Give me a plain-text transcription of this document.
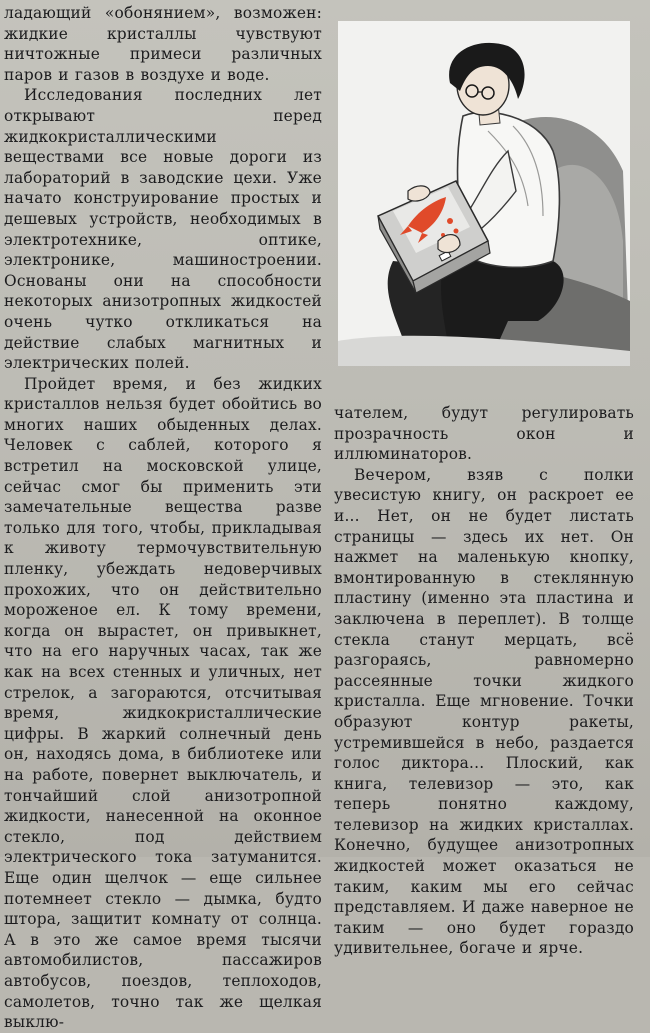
ладающий «обонянием», возможен: жидкие кристаллы чувствуют ничтожные примеси различных паров и газов в воздухе и воде.

Исследования последних лет открывают перед жидкокристаллическими веществами все новые дороги из лабораторий в заводские цехи. Уже начато конструирование простых и дешевых устройств, необходимых в электротехнике, оптике, электронике, машиностроении. Основаны они на способности некоторых анизотропных жидкостей очень чутко откликаться на действие слабых магнитных и электрических полей.

Пройдет время, и без жидких кристаллов нельзя будет обойтись во многих наших обыденных делах. Человек с саблей, которого я встретил на московской улице, сейчас смог бы применить эти замечательные вещества разве только для того, чтобы, прикладывая к животу термочувствительную пленку, убеждать недоверчивых прохожих, что он действительно мороженое ел. К тому времени, когда он вырастет, он привыкнет, что на его наручных часах, так же как на всех стенных и уличных, нет стрелок, а загораются, отсчитывая время, жидкокристаллические цифры. В жаркий солнечный день он, находясь дома, в библиотеке или на работе, повернет выключатель, и тончайший слой анизотропной жидкости, нанесенной на оконное стекло, под действием электрического тока затуманится. Еще один щелчок — еще сильнее потемнеет стекло — дымка, будто штора, защитит комнату от солнца. А в это же самое время тысячи автомобилистов, пассажиров автобусов, поездов, теплоходов, самолетов, точно так же щелкая выклю-

чателем, будут регулировать прозрачность окон и иллюминаторов.

Вечером, взяв с полки увесистую книгу, он раскроет ее и... Нет, он не будет листать страницы — здесь их нет. Он нажмет на маленькую кнопку, вмонтированную в стеклянную пластину (именно эта пластина и заключена в переплет). В толще стекла станут мерцать, всё разгораясь, равномерно рассеянные точки жидкого кристалла. Еще мгновение. Точки образуют контур ракеты, устремившейся в небо, раздается голос диктора... Плоский, как книга, телевизор — это, как теперь понятно каждому, телевизор на жидких кристаллах. Конечно, будущее анизотропных жидкостей может оказаться не таким, каким мы его сейчас представляем. И даже наверное не таким — оно будет гораздо удивительнее, богаче и ярче.
